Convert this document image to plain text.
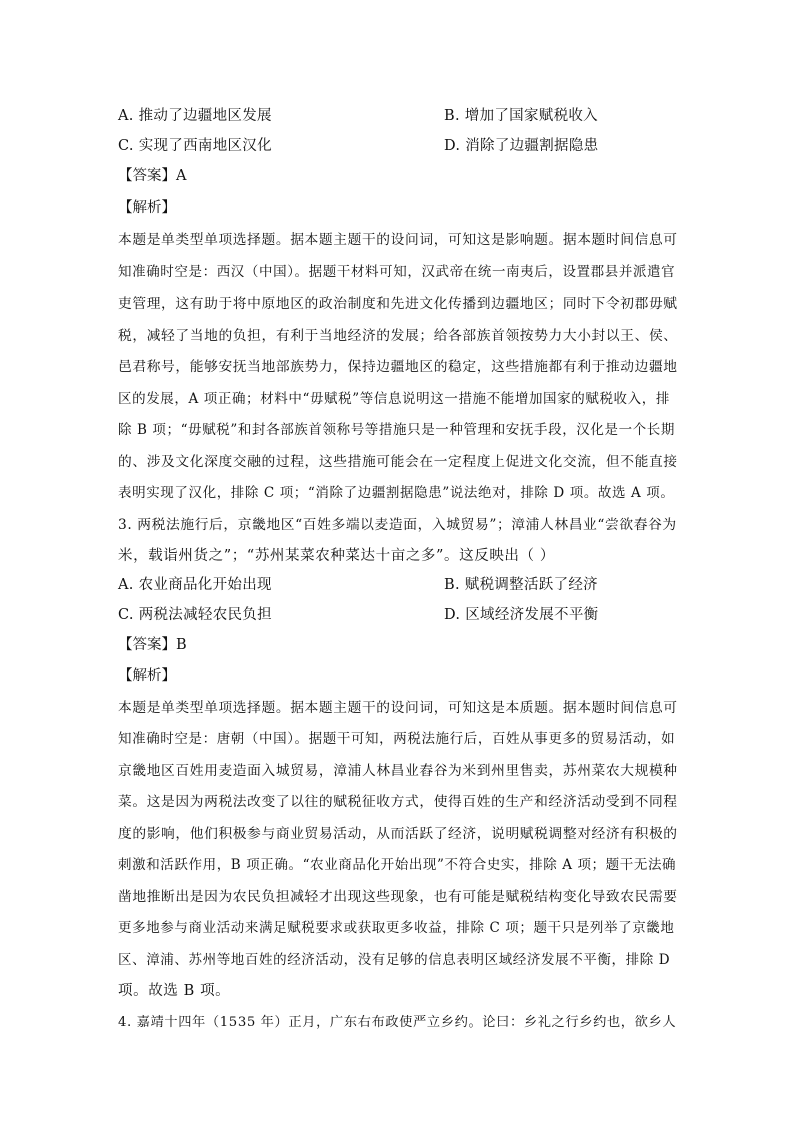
A. 推动了边疆地区发展	B. 增加了国家赋税收入
C. 实现了西南地区汉化	D. 消除了边疆割据隐患
【答案】A
【解析】
本题是单类型单项选择题。据本题主题干的设问词，可知这是影响题。据本题时间信息可
知准确时空是：西汉（中国）。据题干材料可知，汉武帝在统一南夷后，设置郡县并派遣官
吏管理，这有助于将中原地区的政治制度和先进文化传播到边疆地区；同时下令初郡毋赋
税，减轻了当地的负担，有利于当地经济的发展；给各部族首领按势力大小封以王、侯、
邑君称号，能够安抚当地部族势力，保持边疆地区的稳定，这些措施都有利于推动边疆地
区的发展，A 项正确；材料中“毋赋税”等信息说明这一措施不能增加国家的赋税收入，排
除 B 项；“毋赋税”和封各部族首领称号等措施只是一种管理和安抚手段，汉化是一个长期
的、涉及文化深度交融的过程，这些措施可能会在一定程度上促进文化交流，但不能直接
表明实现了汉化，排除 C 项；“消除了边疆割据隐患”说法绝对，排除 D 项。故选 A 项。
3. 两税法施行后，京畿地区“百姓多端以麦造面，入城贸易”；漳浦人林昌业“尝欲舂谷为
米，载诣州货之”；“苏州某菜农种菜达十亩之多”。这反映出（ ）
A. 农业商品化开始出现	B. 赋税调整活跃了经济
C. 两税法减轻农民负担	D. 区域经济发展不平衡
【答案】B
【解析】
本题是单类型单项选择题。据本题主题干的设问词，可知这是本质题。据本题时间信息可
知准确时空是：唐朝（中国）。据题干可知，两税法施行后，百姓从事更多的贸易活动，如
京畿地区百姓用麦造面入城贸易，漳浦人林昌业舂谷为米到州里售卖，苏州菜农大规模种
菜。这是因为两税法改变了以往的赋税征收方式，使得百姓的生产和经济活动受到不同程
度的影响，他们积极参与商业贸易活动，从而活跃了经济，说明赋税调整对经济有积极的
刺激和活跃作用，B 项正确。“农业商品化开始出现”不符合史实，排除 A 项；题干无法确
凿地推断出是因为农民负担减轻才出现这些现象，也有可能是赋税结构变化导致农民需要
更多地参与商业活动来满足赋税要求或获取更多收益，排除 C 项；题干只是列举了京畿地
区、漳浦、苏州等地百姓的经济活动，没有足够的信息表明区域经济发展不平衡，排除 D
项。故选 B 项。
4. 嘉靖十四年（1535 年）正月，广东右布政使严立乡约。论曰：乡礼之行乡约也，欲乡人
